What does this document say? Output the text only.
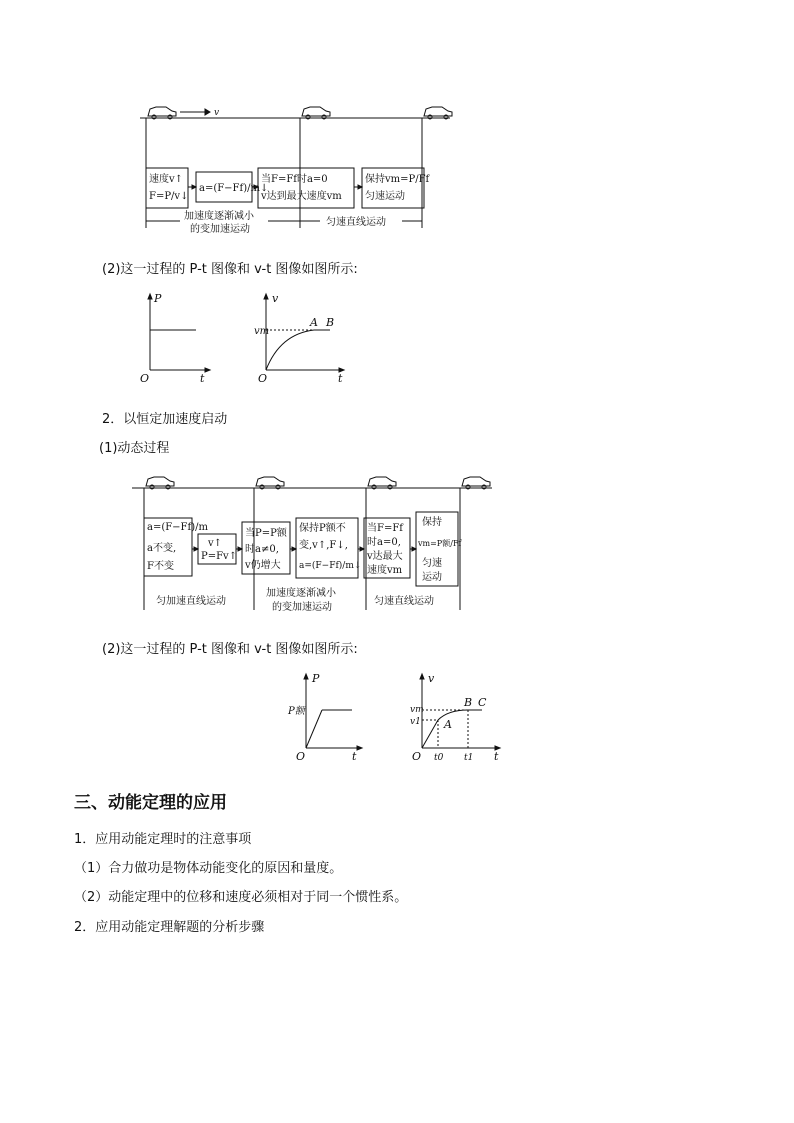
v
速度v↑
F=P/v↓
a=(F−Ff)/m↓
当F=Ff时a=0
v达到最大速度vm
保持vm=P/Ff
匀速运动
加速度逐渐减小
的变加速运动
匀速直线运动
(2)这一过程的 P-t 图像和 v-t 图像如图所示:
P
O	t
v
vm
A B
O	t
2．以恒定加速度启动
(1)动态过程
a=(F−Ff)/m
a不变,
F不变
v↑
P=Fv↑
当P=P额
时a≠0,
v仍增大
保持P额不
变,v↑,F↓,
a=(F−Ff)/m↓
当F=Ff
时a=0,
v达最大
速度vm
保持
vm=P额/Ff
匀速
运动
匀加速直线运动
加速度逐渐减小
的变加速运动
匀速直线运动
(2)这一过程的 P-t 图像和 v-t 图像如图所示:
P
P额
O	t
v
vm
v1 A
B C
O t0 t1 t
三、动能定理的应用
1．应用动能定理时的注意事项
（1）合力做功是物体动能变化的原因和量度。
（2）动能定理中的位移和速度必须相对于同一个惯性系。
2．应用动能定理解题的分析步骤
